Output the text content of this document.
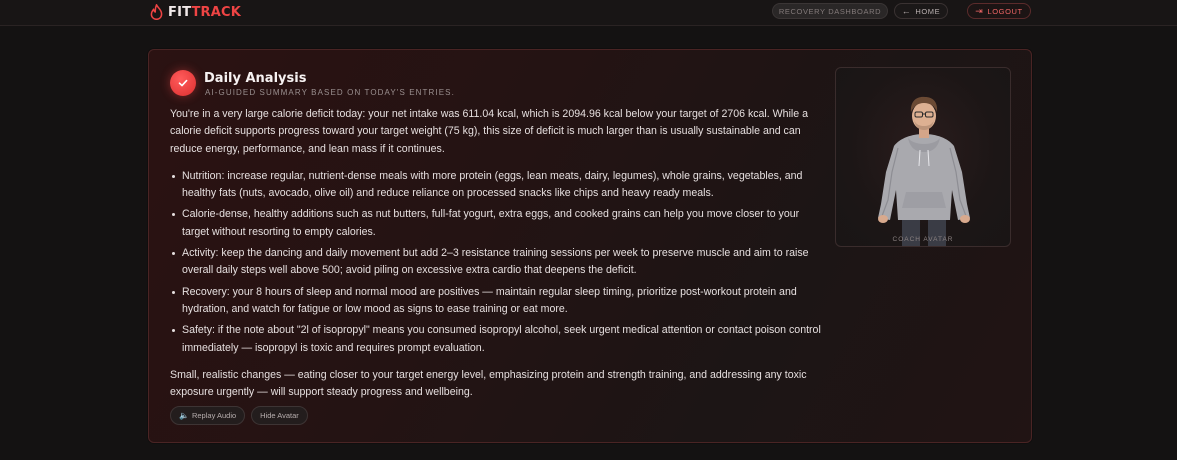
FITTRACK	RECOVERY DASHBOARD ← HOME	⇥ LOGOUT
Daily Analysis
AI-GUIDED SUMMARY BASED ON TODAY'S ENTRIES.

You're in a very large calorie deficit today: your net intake was 611.04 kcal, which is 2094.96 kcal below your target of 2706 kcal. While a calorie deficit supports progress toward your target weight (75 kg), this size of deficit is much larger than is usually sustainable and can reduce energy, performance, and lean mass if it continues.

Nutrition: increase regular, nutrient-dense meals with more protein (eggs, lean meats, dairy, legumes), whole grains, vegetables, and healthy fats (nuts, avocado, olive oil) and reduce reliance on processed snacks like chips and heavy ready meals.
Calorie-dense, healthy additions such as nut butters, full-fat yogurt, extra eggs, and cooked grains can help you move closer to your target without resorting to empty calories.
Activity: keep the dancing and daily movement but add 2–3 resistance training sessions per week to preserve muscle and aim to raise overall daily steps well above 500; avoid piling on excessive extra cardio that deepens the deficit.
Recovery: your 8 hours of sleep and normal mood are positives — maintain regular sleep timing, prioritize post-workout protein and hydration, and watch for fatigue or low mood as signs to ease training or eat more.
Safety: if the note about "2l of isopropyl" means you consumed isopropyl alcohol, seek urgent medical attention or contact poison control immediately — isopropyl is toxic and requires prompt evaluation.

Small, realistic changes — eating closer to your target energy level, emphasizing protein and strength training, and addressing any toxic exposure urgently — will support steady progress and wellbeing.

🔈 Replay Audio	Hide Avatar
COACH AVATAR
